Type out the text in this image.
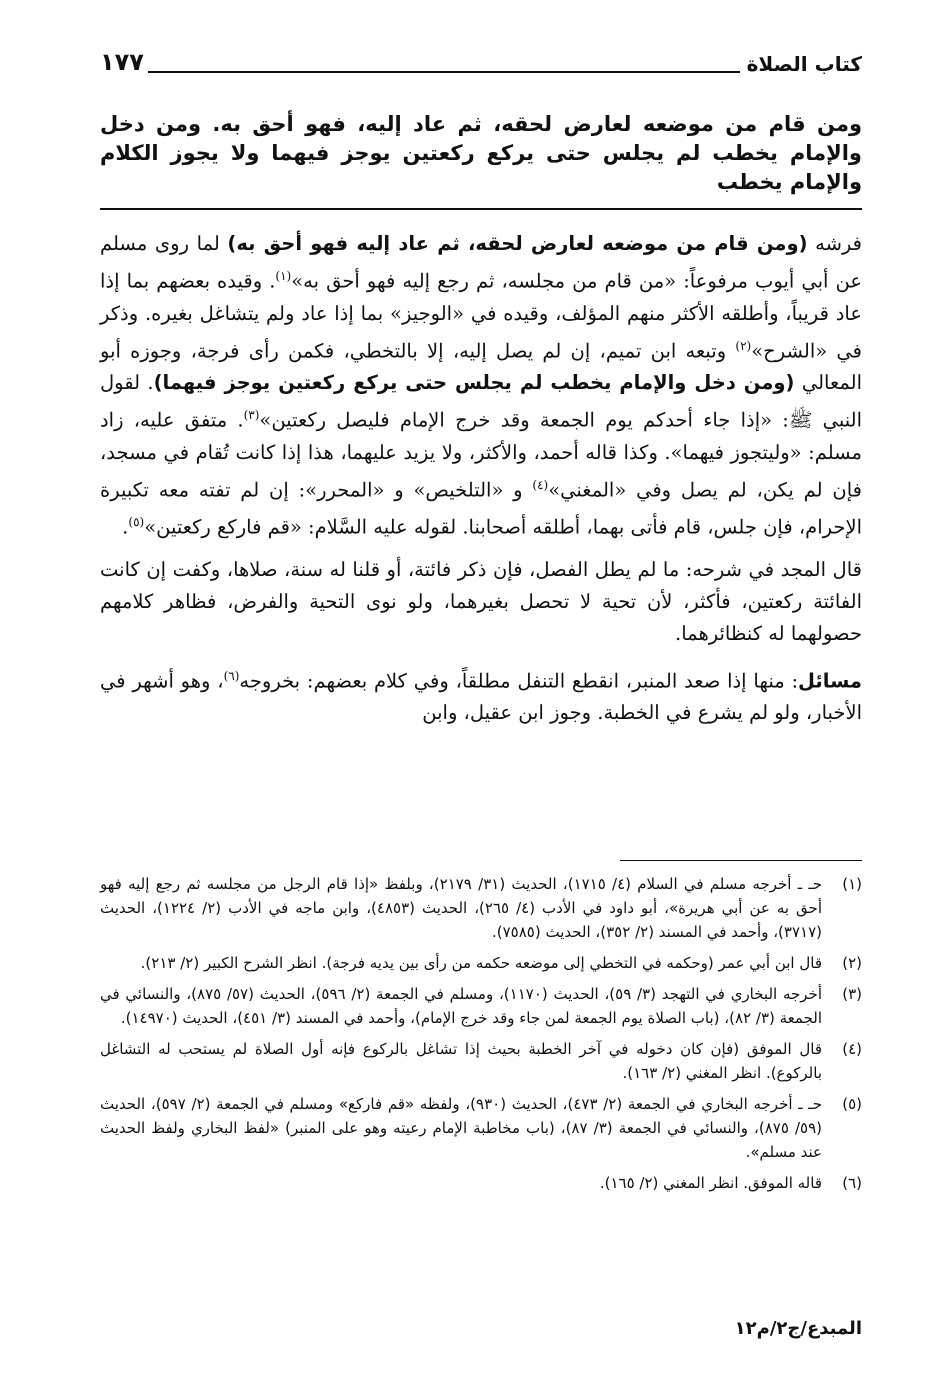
كتاب الصلاة
١٧٧
ومن قام من موضعه لعارض لحقه، ثم عاد إليه، فهو أحق به. ومن دخل والإمام يخطب لم يجلس حتى يركع ركعتين يوجز فيهما ولا يجوز الكلام والإمام يخطب

فرشه (ومن قام من موضعه لعارض لحقه، ثم عاد إليه فهو أحق به) لما روى مسلم عن أبي أيوب مرفوعاً: «من قام من مجلسه، ثم رجع إليه فهو أحق به»$^{(١)}$. وقيده بعضهم بما إذا عاد قريباً، وأطلقه الأكثر منهم المؤلف، وقيده في «الوجيز» بما إذا عاد ولم يتشاغل بغيره. وذكر في «الشرح»$^{(٢)}$ وتبعه ابن تميم، إن لم يصل إليه، إلا بالتخطي، فكمن رأى فرجة، وجوزه أبو المعالي (ومن دخل والإمام يخطب لم يجلس حتى يركع ركعتين يوجز فيهما). لقول النبي ﷺ: «إذا جاء أحدكم يوم الجمعة وقد خرج الإمام فليصل ركعتين»$^{(٣)}$. متفق عليه، زاد مسلم: «وليتجوز فيهما». وكذا قاله أحمد، والأكثر، ولا يزيد عليهما، هذا إذا كانت تُقام في مسجد، فإن لم يكن، لم يصل وفي «المغني»$^{(٤)}$ و «التلخيص» و «المحرر»: إن لم تفته معه تكبيرة الإحرام، فإن جلس، قام فأتى بهما، أطلقه أصحابنا. لقوله عليه السَّلام: «قم فاركع ركعتين»$^{(٥)}$.

قال المجد في شرحه: ما لم يطل الفصل، فإن ذكر فائتة، أو قلنا له سنة، صلاها، وكفت إن كانت الفائتة ركعتين، فأكثر، لأن تحية لا تحصل بغيرهما، ولو نوى التحية والفرض، فظاهر كلامهم حصولهما له كنظائرهما.

مسائل: منها إذا صعد المنبر، انقطع التنفل مطلقاً، وفي كلام بعضهم: بخروجه$^{(٦)}$، وهو أشهر في الأخبار، ولو لم يشرع في الخطبة. وجوز ابن عقيل، وابن

(١)
حـ ـ أخرجه مسلم في السلام (٤/ ١٧١٥)، الحديث (٣١/ ٢١٧٩)، وبلفظ «إذا قام الرجل من مجلسه ثم رجع إليه فهو أحق به عن أبي هريرة»، أبو داود في الأدب (٤/ ٢٦٥)، الحديث (٤٨٥٣)، وابن ماجه في الأدب (٢/ ١٢٢٤)، الحديث (٣٧١٧)، وأحمد في المسند (٢/ ٣٥٢)، الحديث (٧٥٨٥).
(٢)
قال ابن أبي عمر (وحكمه في التخطي إلى موضعه حكمه من رأى بين يديه فرجة). انظر الشرح الكبير (٢/ ٢١٣).
(٣)
أخرجه البخاري في التهجد (٣/ ٥٩)، الحديث (١١٧٠)، ومسلم في الجمعة (٢/ ٥٩٦)، الحديث (٥٧/ ٨٧٥)، والنسائي في الجمعة (٣/ ٨٢)، (باب الصلاة يوم الجمعة لمن جاء وقد خرج الإمام)، وأحمد في المسند (٣/ ٤٥١)، الحديث (١٤٩٧٠).
(٤)
قال الموفق (فإن كان دخوله في آخر الخطبة بحيث إذا تشاغل بالركوع فإنه أول الصلاة لم يستحب له التشاغل بالركوع). انظر المغني (٢/ ١٦٣).
(٥)
حـ ـ أخرجه البخاري في الجمعة (٢/ ٤٧٣)، الحديث (٩٣٠)، ولفظه «قم فاركع» ومسلم في الجمعة (٢/ ٥٩٧)، الحديث (٥٩/ ٨٧٥)، والنسائي في الجمعة (٣/ ٨٧)، (باب مخاطبة الإمام رعيته وهو على المنبر) «لفظ البخاري ولفظ الحديث عند مسلم».
(٦)
قاله الموفق. انظر المغني (٢/ ١٦٥).
المبدع/ج٢/م١٢
